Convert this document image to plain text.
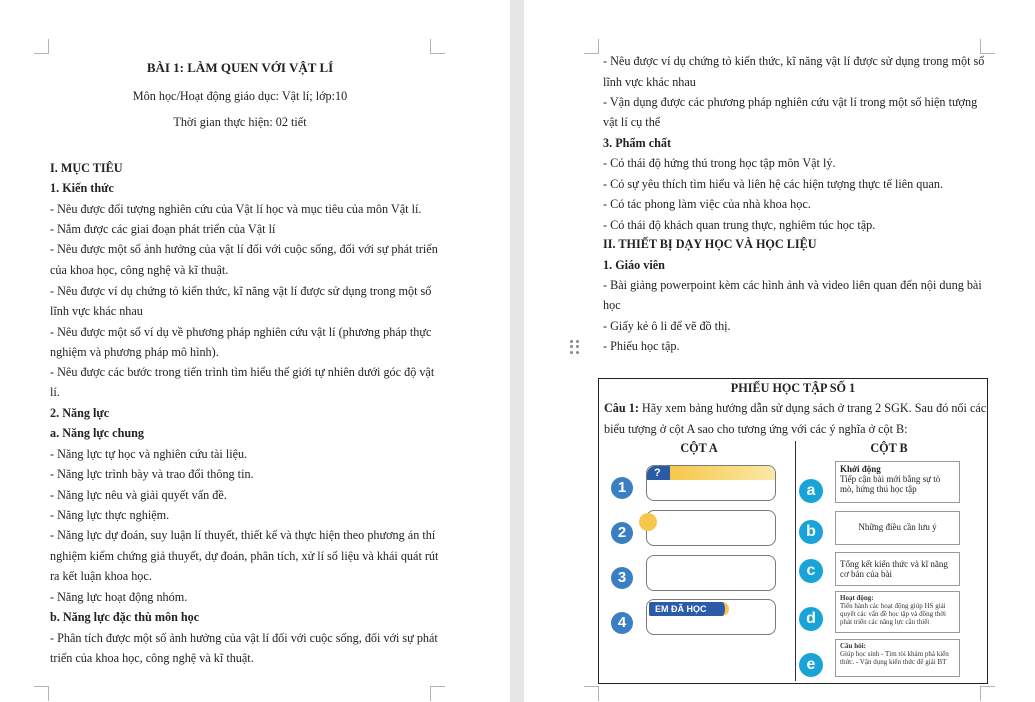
BÀI 1: LÀM QUEN VỚI VẬT LÍ
Môn học/Hoạt động giáo dục: Vật lí; lớp:10
Thời gian thực hiện: 02 tiết
I. MỤC TIÊU
1. Kiến thức
- Nêu được đối tượng nghiên cứu của Vật lí học và mục tiêu của môn Vật lí.
- Nắm được các giai đoạn phát triển của Vật lí
- Nêu được một số ảnh hưởng của vật lí đối với cuộc sống, đối với sự phát triển
của khoa học, công nghệ và kĩ thuật.
- Nêu được ví dụ chứng tỏ kiến thức, kĩ năng vật lí được sử dụng trong một số
lĩnh vực khác nhau
- Nêu được một số ví dụ về phương pháp nghiên cứu vật lí (phương pháp thực
nghiệm và phương pháp mô hình).
- Nêu được các bước trong tiến trình tìm hiểu thế giới tự nhiên dưới góc độ vật
lí.
2. Năng lực
a. Năng lực chung
- Năng lực tự học và nghiên cứu tài liệu.
- Năng lực trình bày và trao đổi thông tin.
- Năng lực nêu và giải quyết vấn đề.
- Năng lực thực nghiệm.
- Năng lực dự đoán, suy luận lí thuyết, thiết kế và thực hiện theo phương án thí
nghiệm kiểm chứng giả thuyết, dự đoán, phân tích, xử lí số liệu và khái quát rút
ra kết luận khoa học.
- Năng lực hoạt động nhóm.
b. Năng lực đặc thù môn học
- Phân tích được một số ảnh hưởng của vật lí đối với cuộc sống, đối với sự phát
triển của khoa học, công nghệ và kĩ thuật.
- Nêu được ví dụ chứng tỏ kiến thức, kĩ năng vật lí được sử dụng trong một số
lĩnh vực khác nhau
- Vận dụng được các phương pháp nghiên cứu vật lí trong một số hiện tượng
vật lí cụ thể
3. Phẩm chất
- Có thái độ hứng thú trong học tập môn Vật lý.
- Có sự yêu thích tìm hiểu và liên hệ các hiện tượng thực tế liên quan.
- Có tác phong làm việc của nhà khoa học.
- Có thái độ khách quan trung thực, nghiêm túc học tập.
II. THIẾT BỊ DẠY HỌC VÀ HỌC LIỆU
1. Giáo viên
- Bài giảng powerpoint kèm các hình ảnh và video liên quan đến nội dung bài
học
- Giấy kẻ ô li để vẽ đồ thị.
- Phiếu học tập.
PHIẾU HỌC TẬP SỐ 1
Câu 1: Hãy xem bảng hướng dẫn sử dụng sách ở trang 2 SGK. Sau đó nối các
biểu tượng ở cột A sao cho tương ứng với các ý nghĩa ở cột B:
CỘT A	CỘT B
1
?
2
3
4
EM ĐÃ HỌC
a
Khởi động
Tiếp cận bài mới bằng sự tò mò, hứng thú học tập
b	Những điều cần lưu ý
c	Tổng kết kiến thức và kĩ năng cơ bản của bài
d
Hoạt động:
Tiến hành các hoạt động giúp HS giải quyết các vấn đề học tập và đồng thời phát triển các năng lực cần thiết
e
Câu hỏi:
Giúp học sinh - Tìm tòi khám phá kiến thức. - Vận dụng kiến thức để giải BT
